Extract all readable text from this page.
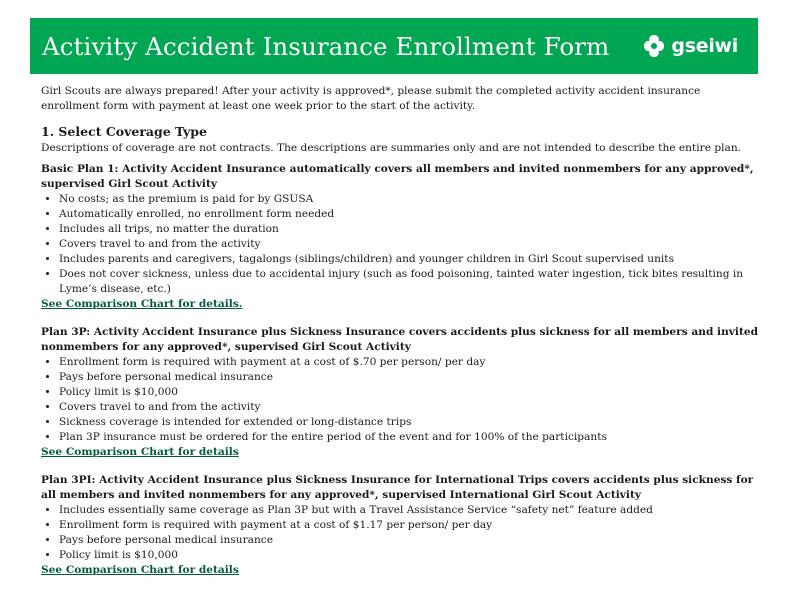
Activity Accident Insurance Enrollment Form	gseiwi

Girl Scouts are always prepared! After your activity is approved*, please submit the completed activity accident insurance enrollment form with payment at least one week prior to the start of the activity.

1. Select Coverage Type

Descriptions of coverage are not contracts. The descriptions are summaries only and are not intended to describe the entire plan.

Basic Plan 1: Activity Accident Insurance automatically covers all members and invited nonmembers for any approved*, supervised Girl Scout Activity

• No costs; as the premium is paid for by GSUSA
• Automatically enrolled, no enrollment form needed
• Includes all trips, no matter the duration
• Covers travel to and from the activity
• Includes parents and caregivers, tagalongs (siblings/children) and younger children in Girl Scout supervised units
• Does not cover sickness, unless due to accidental injury (such as food poisoning, tainted water ingestion, tick bites resulting in Lyme’s disease, etc.)
See Comparison Chart for details.

Plan 3P: Activity Accident Insurance plus Sickness Insurance covers accidents plus sickness for all members and invited nonmembers for any approved*, supervised Girl Scout Activity

• Enrollment form is required with payment at a cost of $.70 per person/ per day
• Pays before personal medical insurance
• Policy limit is $10,000
• Covers travel to and from the activity
• Sickness coverage is intended for extended or long-distance trips
• Plan 3P insurance must be ordered for the entire period of the event and for 100% of the participants
See Comparison Chart for details

Plan 3PI: Activity Accident Insurance plus Sickness Insurance for International Trips covers accidents plus sickness for all members and invited nonmembers for any approved*, supervised International Girl Scout Activity

• Includes essentially same coverage as Plan 3P but with a Travel Assistance Service “safety net” feature added
• Enrollment form is required with payment at a cost of $1.17 per person/ per day
• Pays before personal medical insurance
• Policy limit is $10,000
See Comparison Chart for details
